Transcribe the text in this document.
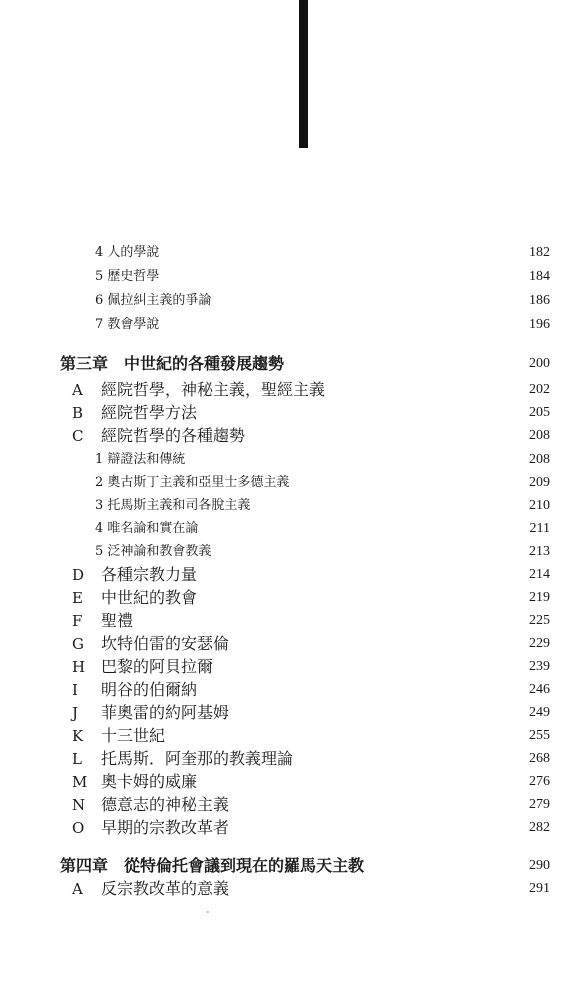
4 人的學說	182
5 歷史哲學	184
6 佩拉糾主義的爭論	186
7 教會學說	196
第三章　中世紀的各種發展趨勢	200
A 經院哲學，神秘主義，聖經主義	202
B 經院哲學方法	205
C 經院哲學的各種趨勢	208
1 辯證法和傳統	208
2 奧古斯丁主義和亞里士多德主義	209
3 托馬斯主義和司各脫主義	210
4 唯名論和實在論	211
5 泛神論和教會教義	213
D 各種宗教力量	214
E 中世紀的教會	219
F 聖禮	225
G 坎特伯雷的安瑟倫	229
H 巴黎的阿貝拉爾	239
I 明谷的伯爾納	246
J 菲奧雷的約阿基姆	249
K 十三世紀	255
L 托馬斯．阿奎那的教義理論	268
M 奧卡姆的威廉	276
N 德意志的神秘主義	279
O 早期的宗教改革者	282
第四章　從特倫托會議到現在的羅馬天主教	290
A 反宗教改革的意義	291
